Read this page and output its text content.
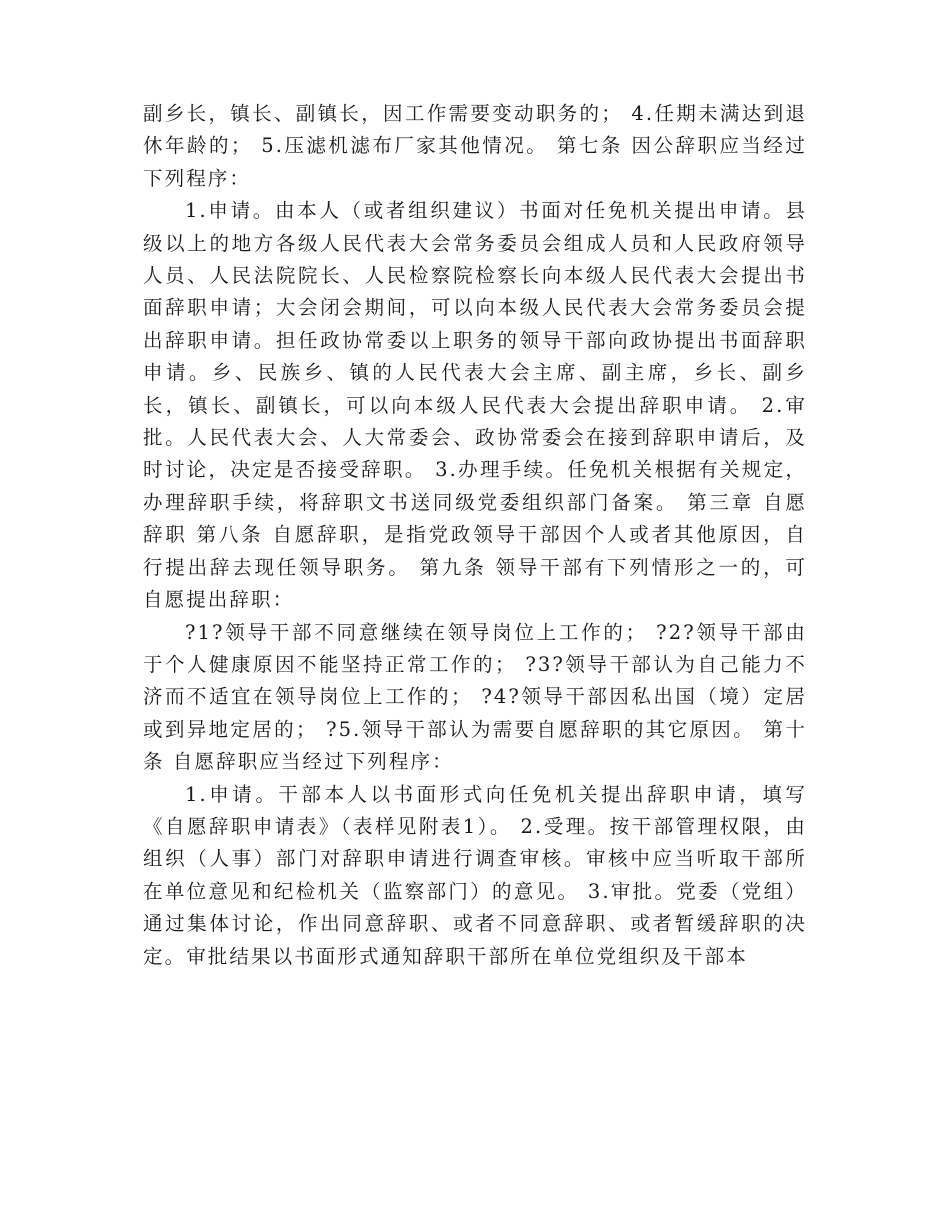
副乡长，镇长、副镇长，因工作需要变动职务的； 4.任期未满达到退休年龄的； 5.压滤机滤布厂家其他情况。 第七条 因公辞职应当经过下列程序：

1.申请。由本人（或者组织建议）书面对任免机关提出申请。县级以上的地方各级人民代表大会常务委员会组成人员和人民政府领导人员、人民法院院长、人民检察院检察长向本级人民代表大会提出书面辞职申请；大会闭会期间，可以向本级人民代表大会常务委员会提出辞职申请。担任政协常委以上职务的领导干部向政协提出书面辞职申请。乡、民族乡、镇的人民代表大会主席、副主席，乡长、副乡长，镇长、副镇长，可以向本级人民代表大会提出辞职申请。 2.审批。人民代表大会、人大常委会、政协常委会在接到辞职申请后，及时讨论，决定是否接受辞职。 3.办理手续。任免机关根据有关规定，办理辞职手续，将辞职文书送同级党委组织部门备案。 第三章 自愿辞职 第八条 自愿辞职，是指党政领导干部因个人或者其他原因，自行提出辞去现任领导职务。 第九条 领导干部有下列情形之一的，可自愿提出辞职：

?1?领导干部不同意继续在领导岗位上工作的； ?2?领导干部由于个人健康原因不能坚持正常工作的； ?3?领导干部认为自己能力不济而不适宜在领导岗位上工作的； ?4?领导干部因私出国（境）定居或到异地定居的； ?5.领导干部认为需要自愿辞职的其它原因。 第十条 自愿辞职应当经过下列程序：

1.申请。干部本人以书面形式向任免机关提出辞职申请，填写《自愿辞职申请表》（表样见附表1）。 2.受理。按干部管理权限，由组织（人事）部门对辞职申请进行调查审核。审核中应当听取干部所在单位意见和纪检机关（监察部门）的意见。 3.审批。党委（党组）通过集体讨论，作出同意辞职、或者不同意辞职、或者暂缓辞职的决定。审批结果以书面形式通知辞职干部所在单位党组织及干部本
